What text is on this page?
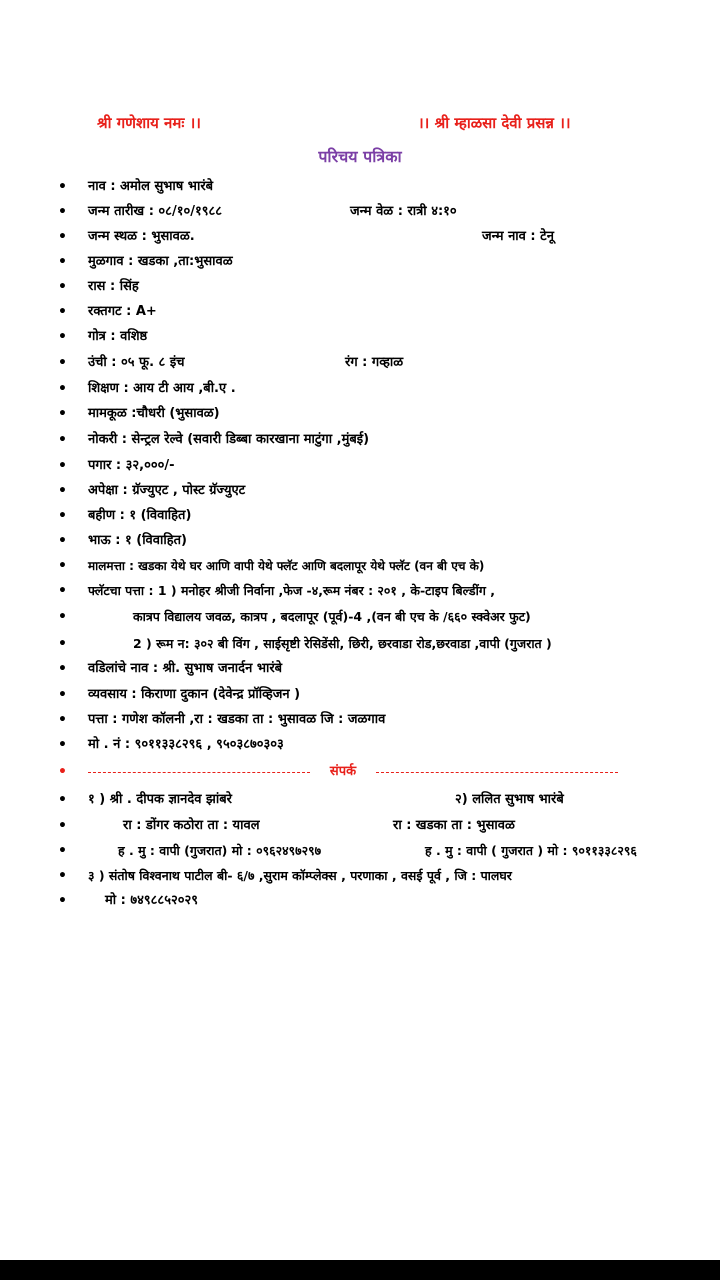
श्री गणेशाय नमः ।।	।। श्री म्हाळसा देवी प्रसन्न ।।
परिचय पत्रिका
• नाव : अमोल सुभाष भारंबे
• जन्म तारीख : ०८/१०/१९८८	जन्म वेळ : रात्री ४:१०
• जन्म स्थळ : भुसावळ.	जन्म नाव : टेनू
• मुळगाव : खडका ,ता:भुसावळ
• रास : सिंह
• रक्तगट : A+
• गोत्र : वशिष्ठ
• उंची : ०५ फू. ८ इंच	रंग : गव्हाळ
• शिक्षण : आय टी आय ,बी.ए .
• मामकूळ :चौधरी (भुसावळ)
• नोकरी : सेन्ट्रल रेल्वे (सवारी डिब्बा कारखाना माटुंगा ,मुंबई)
• पगार : ३२,०००/-
• अपेक्षा : ग्रॅज्युएट , पोस्ट ग्रॅज्युएट
• बहीण : १ (विवाहित)
• भाऊ : १ (विवाहित)
• मालमत्ता : खडका येथे घर आणि वापी येथे फ्लॅट आणि बदलापूर येथे फ्लॅट (वन बी एच के)
• फ्लॅटचा पत्ता : 1 ) मनोहर श्रीजी निर्वाना ,फेज -४,रूम नंबर : २०१ , के-टाइप बिल्डींग ,
•	कात्रप विद्यालय जवळ, कात्रप , बदलापूर (पूर्व)-4 ,(वन बी एच के /६६० स्क्वेअर फुट)
•	2 ) रूम न: ३०२ बी विंग , साईसृष्टी रेसिडेंसी, छिरी, छरवाडा रोड,छरवाडा ,वापी (गुजरात )
• वडिलांचे नाव : श्री. सुभाष जनार्दन भारंबे
• व्यवसाय : किराणा दुकान (देवेन्द्र प्रॉव्हिजन )
• पत्ता : गणेश कॉलनी ,रा : खडका ता : भुसावळ जि : जळगाव
• मो . नं : ९०११३३८२९६ , ९५०३८७०३०३
•	संपर्क
• १ ) श्री . दीपक ज्ञानदेव झांबरे	२) ललित सुभाष भारंबे
•	रा : डोंगर कठोरा ता : यावल	रा : खडका ता : भुसावळ
•	ह . मु : वापी (गुजरात) मो : ०९६२४९७२९७	ह . मु : वापी ( गुजरात ) मो : ९०११३३८२९६
• ३ ) संतोष विश्वनाथ पाटील बी- ६/७ ,सुराम कॉम्प्लेक्स , परणाका , वसई पूर्व , जि : पालघर
•	मो : ७४९८८५२०२९
